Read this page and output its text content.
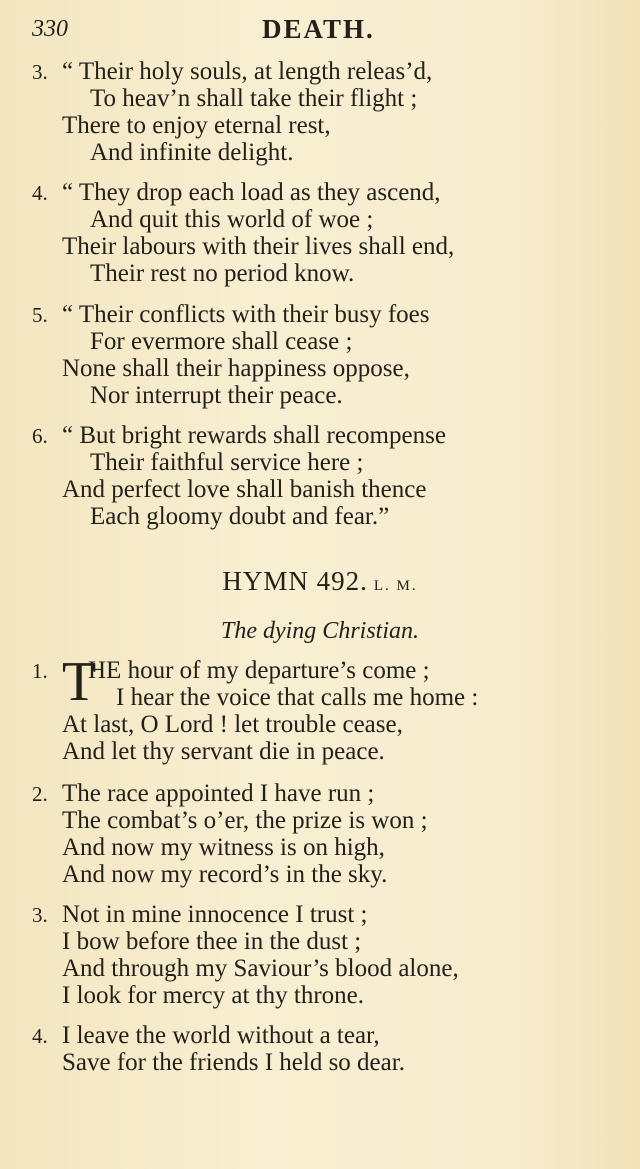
330	DEATH.
3. “ Their holy souls, at length releas’d,
To heav’n shall take their flight ;
There to enjoy eternal rest,
And infinite delight.
4. “ They drop each load as they ascend,
And quit this world of woe ;
Their labours with their lives shall end,
Their rest no period know.
5. “ Their conflicts with their busy foes
For evermore shall cease ;
None shall their happiness oppose,
Nor interrupt their peace.
6. “ But bright rewards shall recompense
Their faithful service here ;
And perfect love shall banish thence
Each gloomy doubt and fear.”
HYMN 492. L. M.
The dying Christian.
T
1. HE hour of my departure’s come ;
I hear the voice that calls me home :
At last, O Lord ! let trouble cease,
And let thy servant die in peace.
2. The race appointed I have run ;
The combat’s o’er, the prize is won ;
And now my witness is on high,
And now my record’s in the sky.
3. Not in mine innocence I trust ;
I bow before thee in the dust ;
And through my Saviour’s blood alone,
I look for mercy at thy throne.
4. I leave the world without a tear,
Save for the friends I held so dear.
